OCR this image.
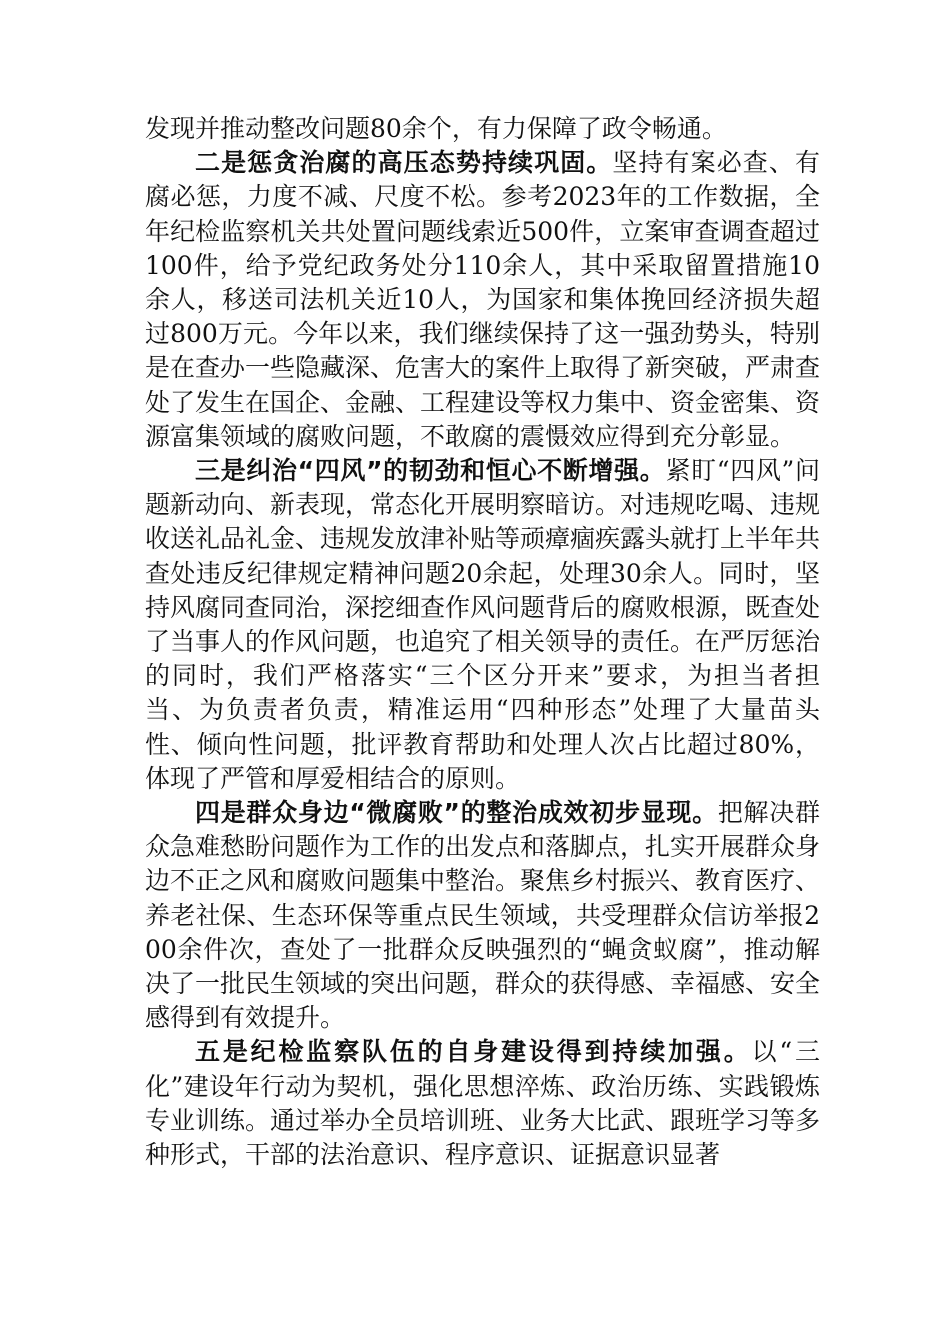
发现并推动整改问题80余个，有力保障了政令畅通。

二是惩贪治腐的高压态势持续巩固。坚持有案必查、有腐必惩，力度不减、尺度不松。参考2023年的工作数据，全年纪检监察机关共处置问题线索近500件，立案审查调查超过100件，给予党纪政务处分110余人，其中采取留置措施10余人，移送司法机关近10人，为国家和集体挽回经济损失超过800万元。今年以来，我们继续保持了这一强劲势头，特别是在查办一些隐藏深、危害大的案件上取得了新突破，严肃查处了发生在国企、金融、工程建设等权力集中、资金密集、资源富集领域的腐败问题，不敢腐的震慑效应得到充分彰显。

三是纠治“四风”的韧劲和恒心不断增强。紧盯“四风”问题新动向、新表现，常态化开展明察暗访。对违规吃喝、违规收送礼品礼金、违规发放津补贴等顽瘴痼疾露头就打上半年共查处违反纪律规定精神问题20余起，处理30余人。同时，坚持风腐同查同治，深挖细查作风问题背后的腐败根源，既查处了当事人的作风问题，也追究了相关领导的责任。在严厉惩治的同时，我们严格落实“三个区分开来”要求，为担当者担当、为负责者负责，精准运用“四种形态”处理了大量苗头性、倾向性问题，批评教育帮助和处理人次占比超过80%，体现了严管和厚爱相结合的原则。

四是群众身边“微腐败”的整治成效初步显现。把解决群众急难愁盼问题作为工作的出发点和落脚点，扎实开展群众身边不正之风和腐败问题集中整治。聚焦乡村振兴、教育医疗、养老社保、生态环保等重点民生领域，共受理群众信访举报200余件次，查处了一批群众反映强烈的“蝇贪蚁腐”，推动解决了一批民生领域的突出问题，群众的获得感、幸福感、安全感得到有效提升。

五是纪检监察队伍的自身建设得到持续加强。以“三化”建设年行动为契机，强化思想淬炼、政治历练、实践锻炼专业训练。通过举办全员培训班、业务大比武、跟班学习等多种形式，干部的法治意识、程序意识、证据意识显著
